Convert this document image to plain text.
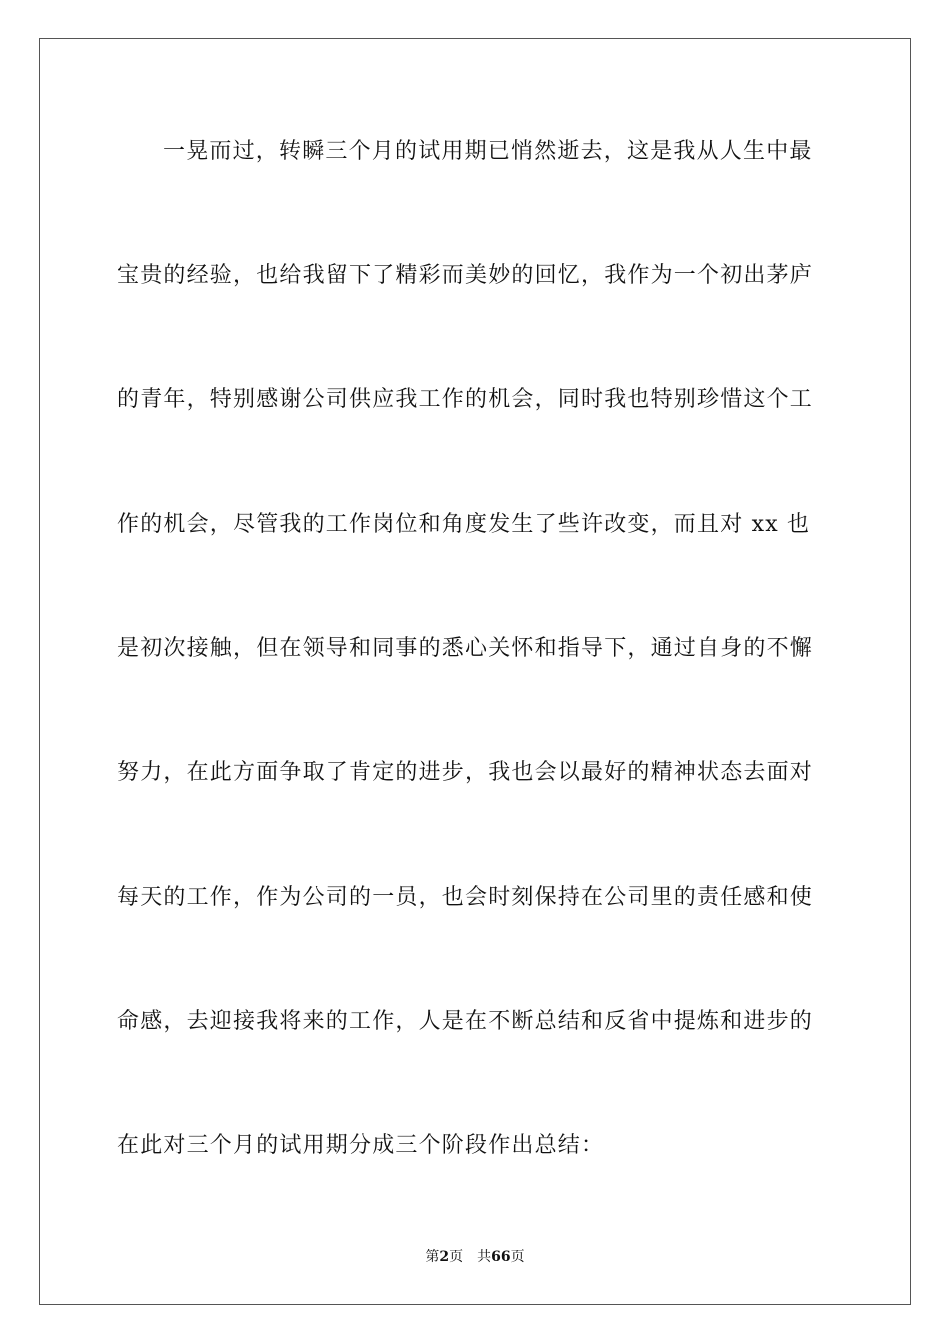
一晃而过，转瞬三个月的试用期已悄然逝去，这是我从人生中最
宝贵的经验，也给我留下了精彩而美妙的回忆，我作为一个初出茅庐
的青年，特别感谢公司供应我工作的机会，同时我也特别珍惜这个工
作的机会，尽管我的工作岗位和角度发生了些许改变，而且对 xx 也
是初次接触，但在领导和同事的悉心关怀和指导下，通过自身的不懈
努力，在此方面争取了肯定的进步，我也会以最好的精神状态去面对
每天的工作，作为公司的一员，也会时刻保持在公司里的责任感和使
命感，去迎接我将来的工作，人是在不断总结和反省中提炼和进步的
在此对三个月的试用期分成三个阶段作出总结：
第2页 共66页
